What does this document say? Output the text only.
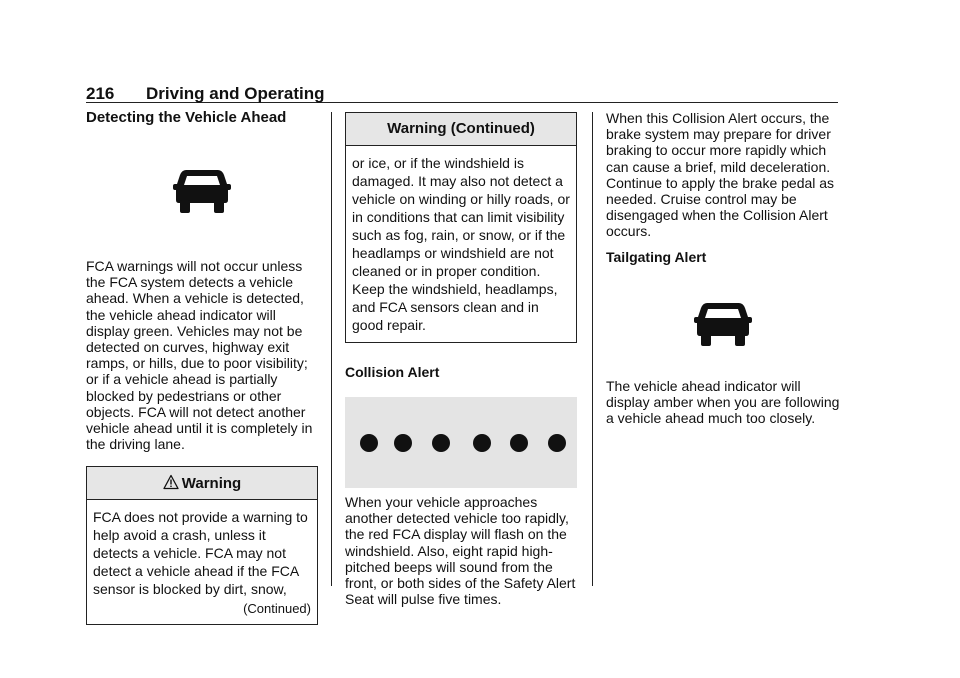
216 Driving and Operating
Detecting the Vehicle Ahead

FCA warnings will not occur unless the FCA system detects a vehicle ahead. When a vehicle is detected, the vehicle ahead indicator will display green. Vehicles may not be detected on curves, highway exit ramps, or hills, due to poor visibility; or if a vehicle ahead is partially blocked by pedestrians or other objects. FCA will not detect another vehicle ahead until it is completely in the driving lane.

Warning
FCA does not provide a warning to help avoid a crash, unless it detects a vehicle. FCA may not detect a vehicle ahead if the FCA sensor is blocked by dirt, snow,
(Continued)
Warning (Continued)
or ice, or if the windshield is damaged. It may also not detect a vehicle on winding or hilly roads, or in conditions that can limit visibility such as fog, rain, or snow, or if the headlamps or windshield are not cleaned or in proper condition. Keep the windshield, headlamps, and FCA sensors clean and in good repair.
Collision Alert

When your vehicle approaches another detected vehicle too rapidly, the red FCA display will flash on the windshield. Also, eight rapid high-pitched beeps will sound from the front, or both sides of the Safety Alert Seat will pulse five times.

When this Collision Alert occurs, the brake system may prepare for driver braking to occur more rapidly which can cause a brief, mild deceleration. Continue to apply the brake pedal as needed. Cruise control may be disengaged when the Collision Alert occurs.

Tailgating Alert

The vehicle ahead indicator will display amber when you are following a vehicle ahead much too closely.
